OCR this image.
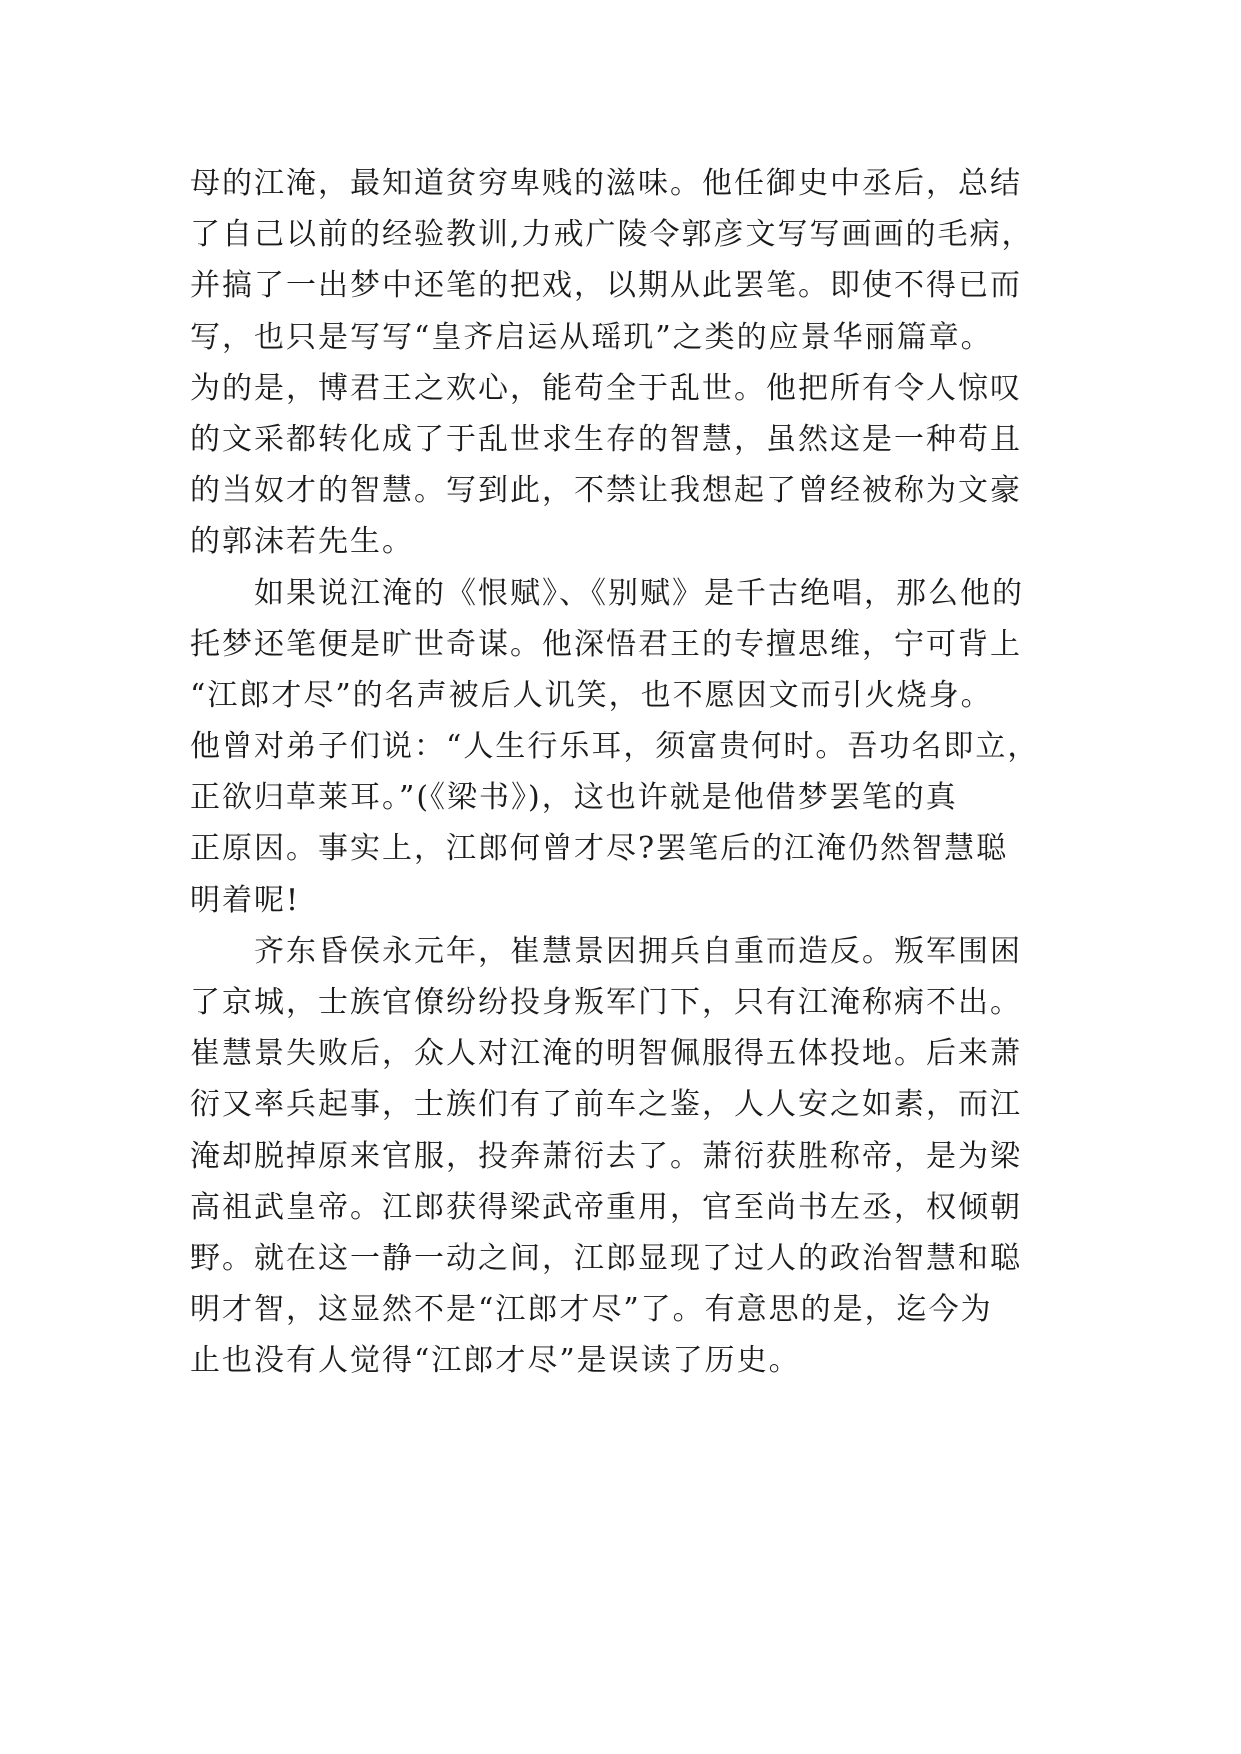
母的江淹，最知道贫穷卑贱的滋味。他任御史中丞后，总结
了自己以前的经验教训,力戒广陵令郭彦文写写画画的毛病，
并搞了一出梦中还笔的把戏，以期从此罢笔。即使不得已而
写，也只是写写“皇齐启运从瑶玑”之类的应景华丽篇章。
为的是，博君王之欢心，能苟全于乱世。他把所有令人惊叹
的文采都转化成了于乱世求生存的智慧，虽然这是一种苟且
的当奴才的智慧。写到此，不禁让我想起了曾经被称为文豪
的郭沫若先生。
　　如果说江淹的《恨赋》、《别赋》是千古绝唱，那么他的
托梦还笔便是旷世奇谋。他深悟君王的专擅思维，宁可背上
“江郎才尽”的名声被后人讥笑，也不愿因文而引火烧身。
他曾对弟子们说：“人生行乐耳，须富贵何时。吾功名即立，
正欲归草莱耳。”(《梁书》)，这也许就是他借梦罢笔的真
正原因。事实上，江郎何曾才尽?罢笔后的江淹仍然智慧聪
明着呢!
　　齐东昏侯永元年，崔慧景因拥兵自重而造反。叛军围困
了京城，士族官僚纷纷投身叛军门下，只有江淹称病不出。
崔慧景失败后，众人对江淹的明智佩服得五体投地。后来萧
衍又率兵起事，士族们有了前车之鉴，人人安之如素，而江
淹却脱掉原来官服，投奔萧衍去了。萧衍获胜称帝，是为梁
高祖武皇帝。江郎获得梁武帝重用，官至尚书左丞，权倾朝
野。就在这一静一动之间，江郎显现了过人的政治智慧和聪
明才智，这显然不是“江郎才尽”了。有意思的是，迄今为
止也没有人觉得“江郎才尽”是误读了历史。
